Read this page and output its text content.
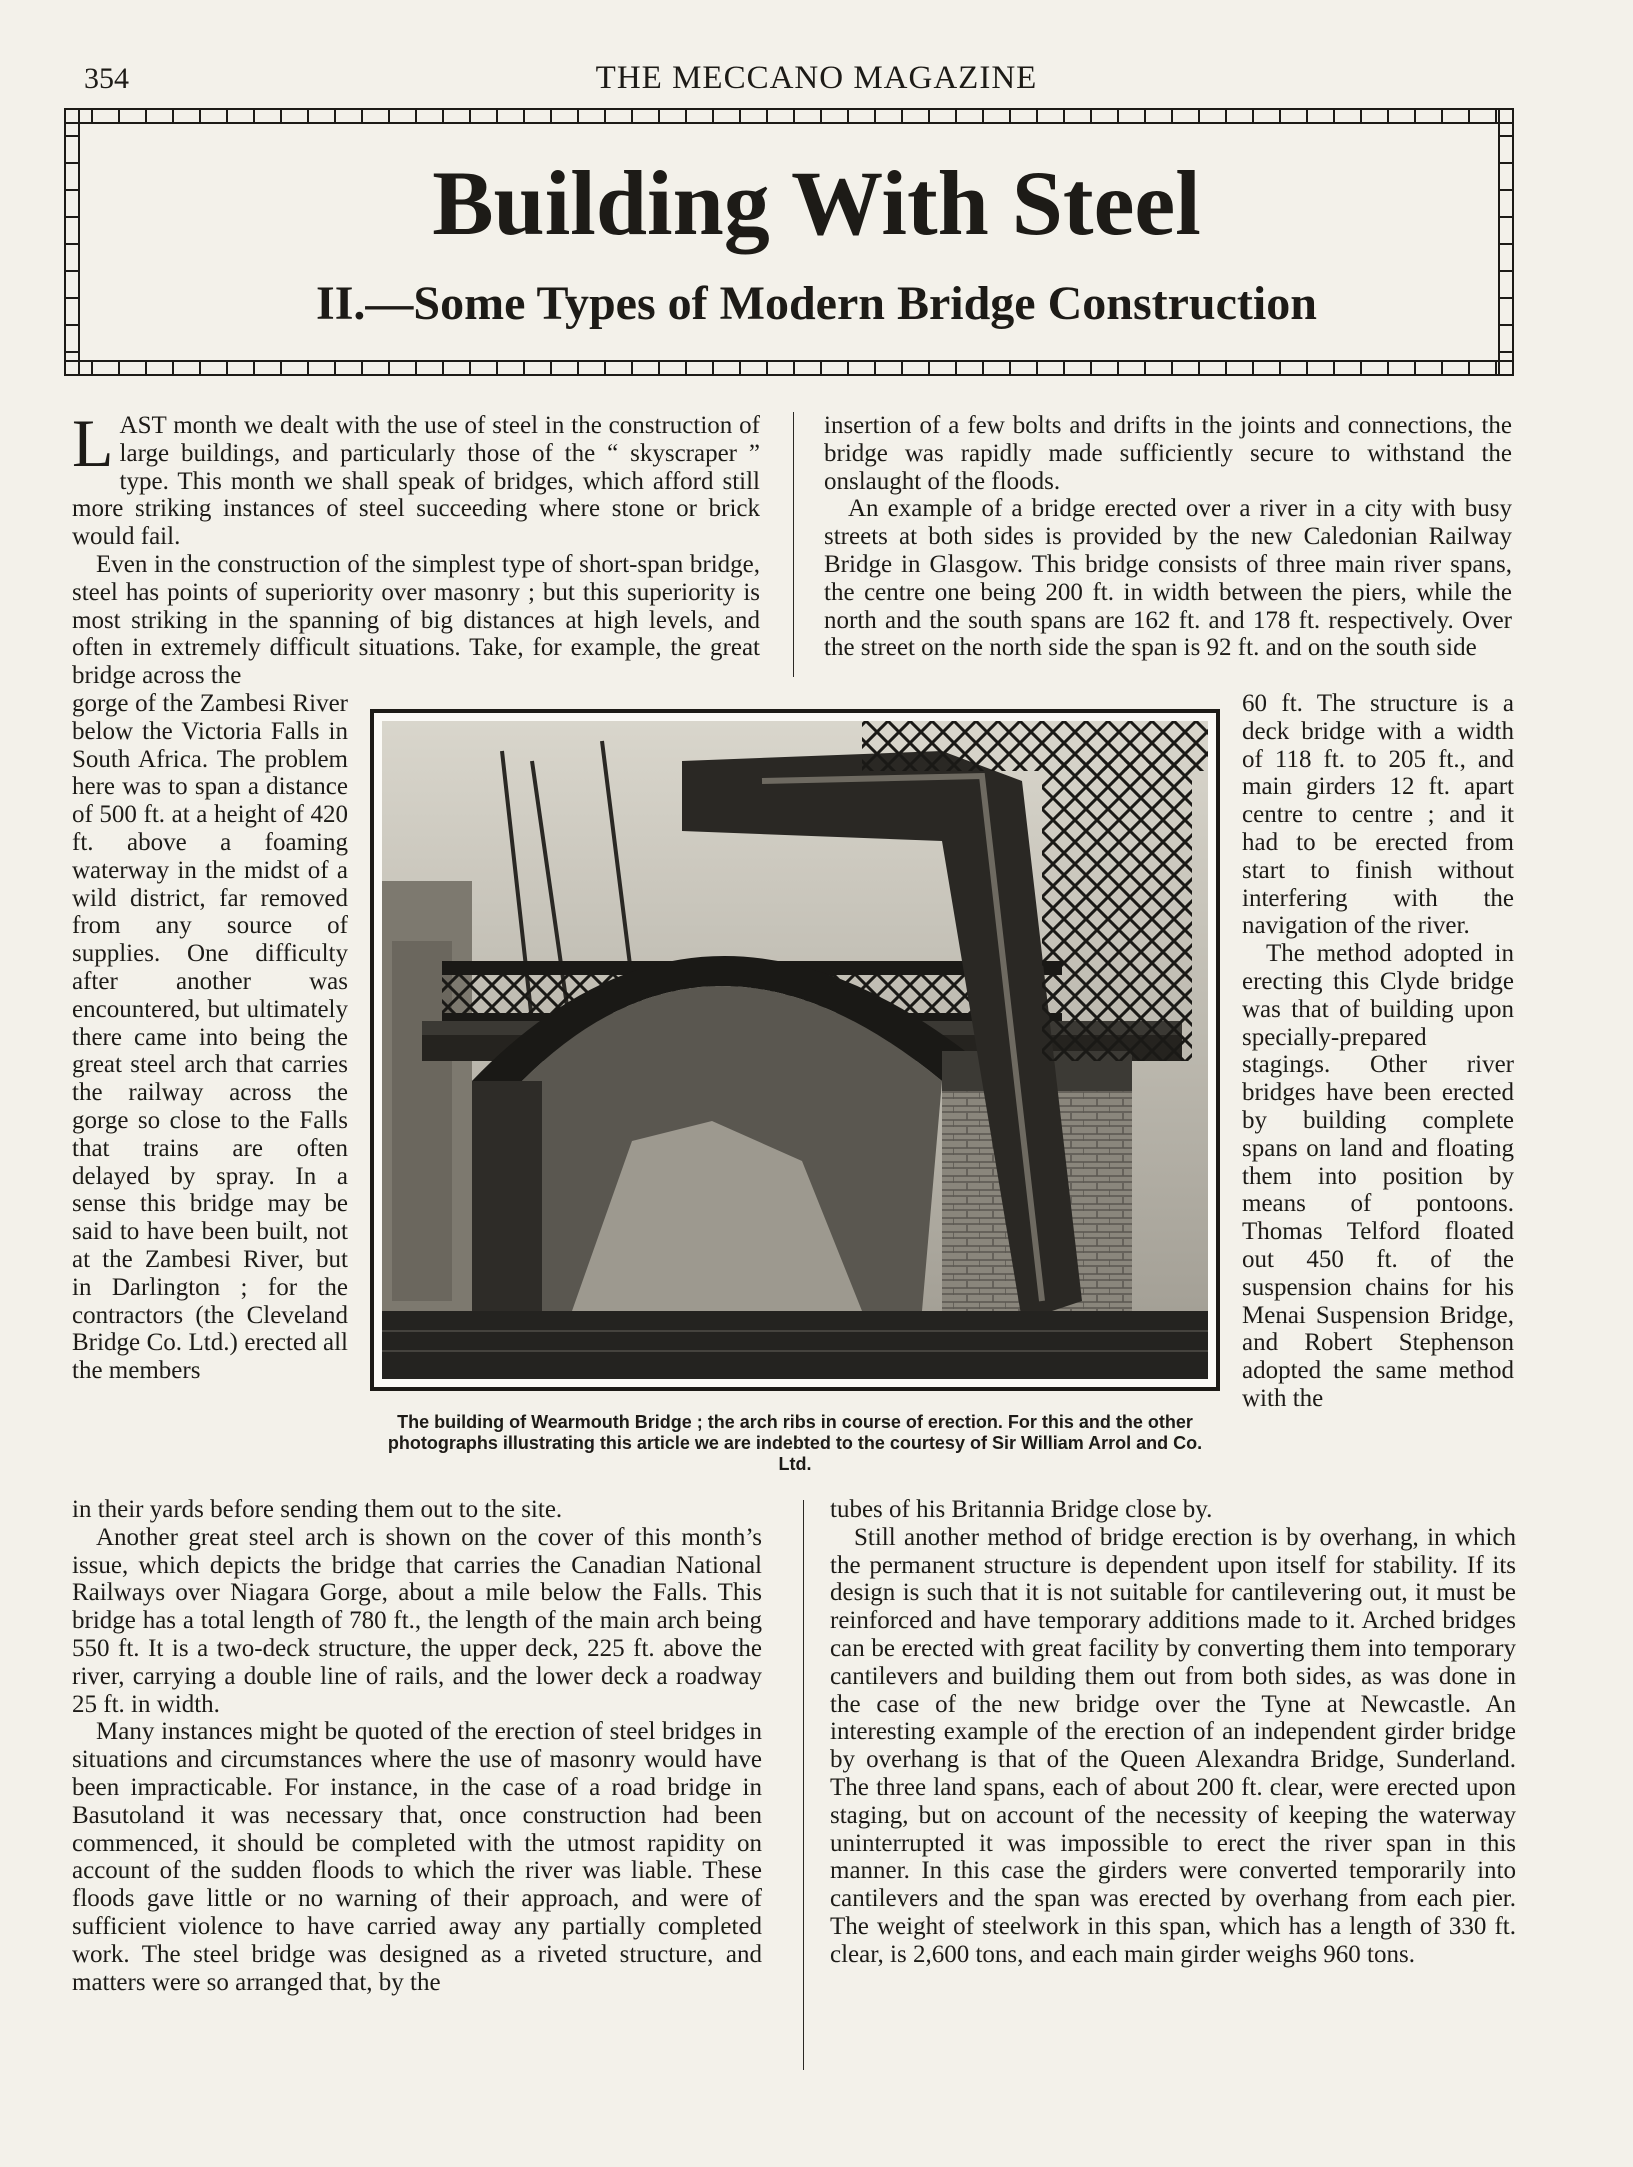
354	THE MECCANO MAGAZINE
Building With Steel
II.—Some Types of Modern Bridge Construction

LAST month we dealt with the use of steel in the construction of large buildings, and particularly those of the “ skyscraper ” type. This month we shall speak of bridges, which afford still more striking instances of steel succeeding where stone or brick would fail.

Even in the construction of the simplest type of short-span bridge, steel has points of superiority over masonry ; but this superiority is most striking in the spanning of big distances at high levels, and often in extremely difficult situations. Take, for example, the great bridge across the

gorge of the Zambesi River below the Victoria Falls in South Africa. The problem here was to span a distance of 500 ft. at a height of 420 ft. above a foaming waterway in the midst of a wild district, far removed from any source of supplies. One difficulty after another was encountered, but ultimately there came into being the great steel arch that carries the railway across the gorge so close to the Falls that trains are often delayed by spray. In a sense this bridge may be said to have been built, not at the Zambesi River, but in Darlington ; for the contractors (the Cleveland Bridge Co. Ltd.) erected all the members

in their yards before sending them out to the site.

Another great steel arch is shown on the cover of this month’s issue, which depicts the bridge that carries the Canadian National Railways over Niagara Gorge, about a mile below the Falls. This bridge has a total length of 780 ft., the length of the main arch being 550 ft. It is a two-deck structure, the upper deck, 225 ft. above the river, carrying a double line of rails, and the lower deck a roadway 25 ft. in width.

Many instances might be quoted of the erection of steel bridges in situations and circumstances where the use of masonry would have been impracticable. For instance, in the case of a road bridge in Basutoland it was necessary that, once construction had been commenced, it should be completed with the utmost rapidity on account of the sudden floods to which the river was liable. These floods gave little or no warning of their approach, and were of sufficient violence to have carried away any partially completed work. The steel bridge was designed as a riveted structure, and matters were so arranged that, by the

insertion of a few bolts and drifts in the joints and connections, the bridge was rapidly made sufficiently secure to withstand the onslaught of the floods.

An example of a bridge erected over a river in a city with busy streets at both sides is provided by the new Caledonian Railway Bridge in Glasgow. This bridge consists of three main river spans, the centre one being 200 ft. in width between the piers, while the north and the south spans are 162 ft. and 178 ft. respectively. Over the street on the north side the span is 92 ft. and on the south side

60 ft. The structure is a deck bridge with a width of 118 ft. to 205 ft., and main girders 12 ft. apart centre to centre ; and it had to be erected from start to finish without interfering with the navigation of the river.

The method adopted in erecting this Clyde bridge was that of building upon specially-prepared stagings. Other river bridges have been erected by building complete spans on land and floating them into position by means of pontoons. Thomas Telford floated out 450 ft. of the suspension chains for his Menai Suspension Bridge, and Robert Stephenson adopted the same method with the

tubes of his Britannia Bridge close by.

Still another method of bridge erection is by overhang, in which the permanent structure is dependent upon itself for stability. If its design is such that it is not suitable for cantilevering out, it must be reinforced and have temporary additions made to it. Arched bridges can be erected with great facility by converting them into temporary cantilevers and building them out from both sides, as was done in the case of the new bridge over the Tyne at Newcastle. An interesting example of the erection of an independent girder bridge by overhang is that of the Queen Alexandra Bridge, Sunderland. The three land spans, each of about 200 ft. clear, were erected upon staging, but on account of the necessity of keeping the waterway uninterrupted it was impossible to erect the river span in this manner. In this case the girders were converted temporarily into cantilevers and the span was erected by overhang from each pier. The weight of steelwork in this span, which has a length of 330 ft. clear, is 2,600 tons, and each main girder weighs 960 tons.

The building of Wearmouth Bridge ; the arch ribs in course of erection. For this and the other photographs illustrating this article we are indebted to the courtesy of Sir William Arrol and Co. Ltd.
